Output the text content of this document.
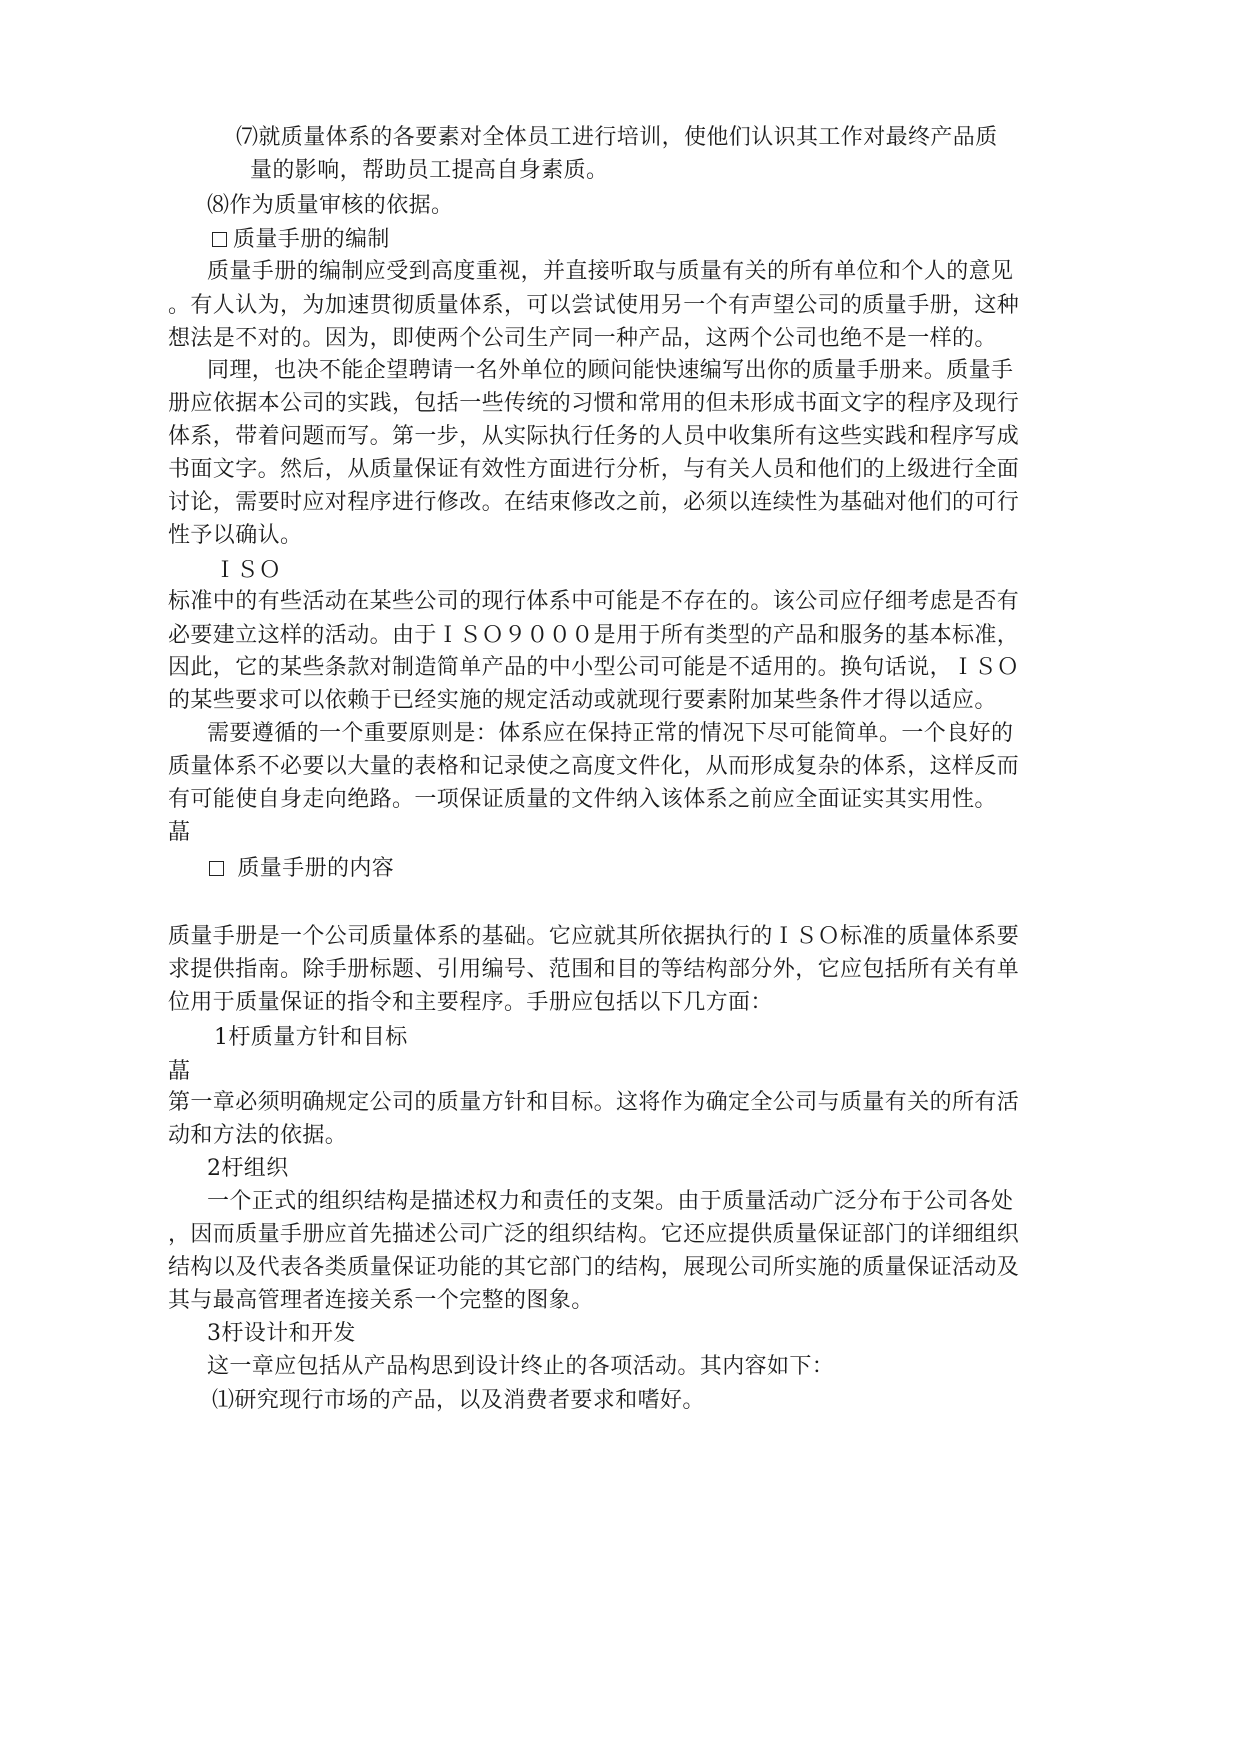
⑺就质量体系的各要素对全体员工进行培训，使他们认识其工作对最终产品质
量的影响，帮助员工提高自身素质。
⑻作为质量审核的依据。
质量手册的编制
质量手册的编制应受到高度重视，并直接听取与质量有关的所有单位和个人的意见
。有人认为，为加速贯彻质量体系，可以尝试使用另一个有声望公司的质量手册，这种
想法是不对的。因为，即使两个公司生产同一种产品，这两个公司也绝不是一样的。
同理，也决不能企望聘请一名外单位的顾问能快速编写出你的质量手册来。质量手
册应依据本公司的实践，包括一些传统的习惯和常用的但未形成书面文字的程序及现行
体系，带着问题而写。第一步，从实际执行任务的人员中收集所有这些实践和程序写成
书面文字。然后，从质量保证有效性方面进行分析，与有关人员和他们的上级进行全面
讨论，需要时应对程序进行修改。在结束修改之前，必须以连续性为基础对他们的可行
性予以确认。
ＩＳＯ
标准中的有些活动在某些公司的现行体系中可能是不存在的。该公司应仔细考虑是否有
必要建立这样的活动。由于ＩＳＯ９０００是用于所有类型的产品和服务的基本标准，
因此，它的某些条款对制造简单产品的中小型公司可能是不适用的。换句话说，ＩＳＯ
的某些要求可以依赖于已经实施的规定活动或就现行要素附加某些条件才得以适应。
需要遵循的一个重要原则是：体系应在保持正常的情况下尽可能简单。一个良好的
质量体系不必要以大量的表格和记录使之高度文件化，从而形成复杂的体系，这样反而
有可能使自身走向绝路。一项保证质量的文件纳入该体系之前应全面证实其实用性。
蕌
质量手册的内容
质量手册是一个公司质量体系的基础。它应就其所依据执行的ＩＳＯ标准的质量体系要
求提供指南。除手册标题、引用编号、范围和目的等结构部分外，它应包括所有关有单
位用于质量保证的指令和主要程序。手册应包括以下几方面：
1杅质量方针和目标
蕌
第一章必须明确规定公司的质量方针和目标。这将作为确定全公司与质量有关的所有活
动和方法的依据。
2杅组织
一个正式的组织结构是描述权力和责任的支架。由于质量活动广泛分布于公司各处
，因而质量手册应首先描述公司广泛的组织结构。它还应提供质量保证部门的详细组织
结构以及代表各类质量保证功能的其它部门的结构，展现公司所实施的质量保证活动及
其与最高管理者连接关系一个完整的图象。
3杅设计和开发
这一章应包括从产品构思到设计终止的各项活动。其内容如下：
⑴研究现行市场的产品，以及消费者要求和嗜好。
